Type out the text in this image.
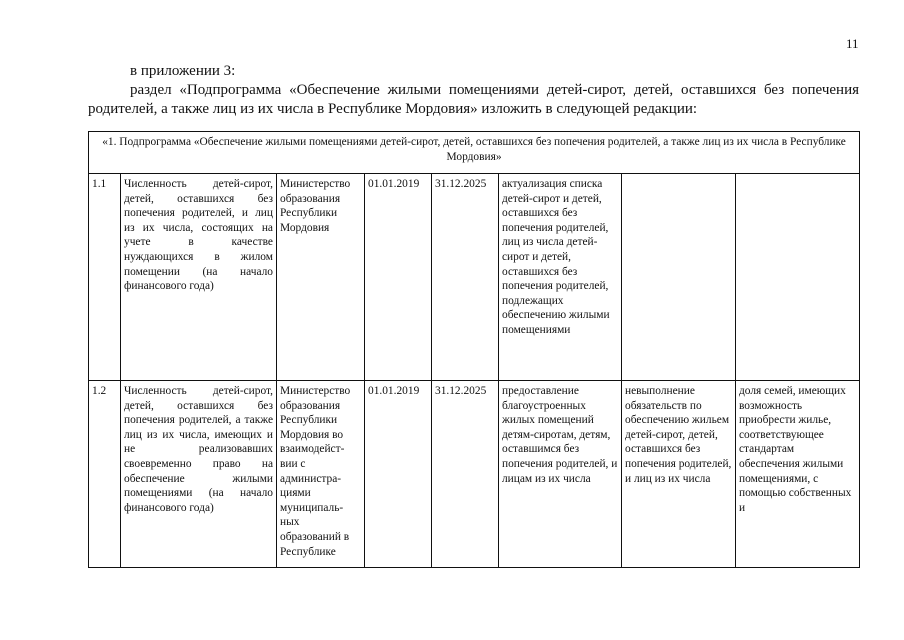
11
в приложении 3:
раздел «Подпрограмма «Обеспечение жилыми помещениями детей-сирот, детей, оставшихся без попечения родителей, а также лиц из их числа в Республике Мордовия» изложить в следующей редакции:
«1. Подпрограмма «Обеспечение жилыми помещениями детей-сирот, детей, оставшихся без попечения родителей, а также лиц из их числа в Республике Мордовия»							
1.1	Численность детей-сирот, детей, оставшихся без попечения родителей, и лиц из их числа, состоящих на учете в качестве нуждающихся в жилом помещении (на начало финансового года)	Министерство образования Республики Мордовия	01.01.2019	31.12.2025	актуализация списка детей-сирот и детей, оставшихся без попечения родителей, лиц из числа детей-сирот и детей, оставшихся без попечения родителей, подлежащих обеспечению жилыми помещениями		
1.2	Численность детей-сирот, детей, оставшихся без попечения родителей, а также лиц из их числа, имеющих и не реализовавших своевременно право на обеспечение жилыми помещениями (на начало финансового года)	Министерство образования Республики Мордовия во взаимодейст-вии с администра-циями муниципаль-ных образований в Республике	01.01.2019	31.12.2025	предоставление благоустроенных жилых помещений детям-сиротам, детям, оставшимся без попечения родителей, и лицам из их числа	невыполнение обязательств по обеспечению жильем детей-сирот, детей, оставшихся без попечения родителей, и лиц из их числа	доля семей, имеющих возможность приобрести жилье, соответствующее стандартам обеспечения жилыми помещениями, с помощью собственных и
